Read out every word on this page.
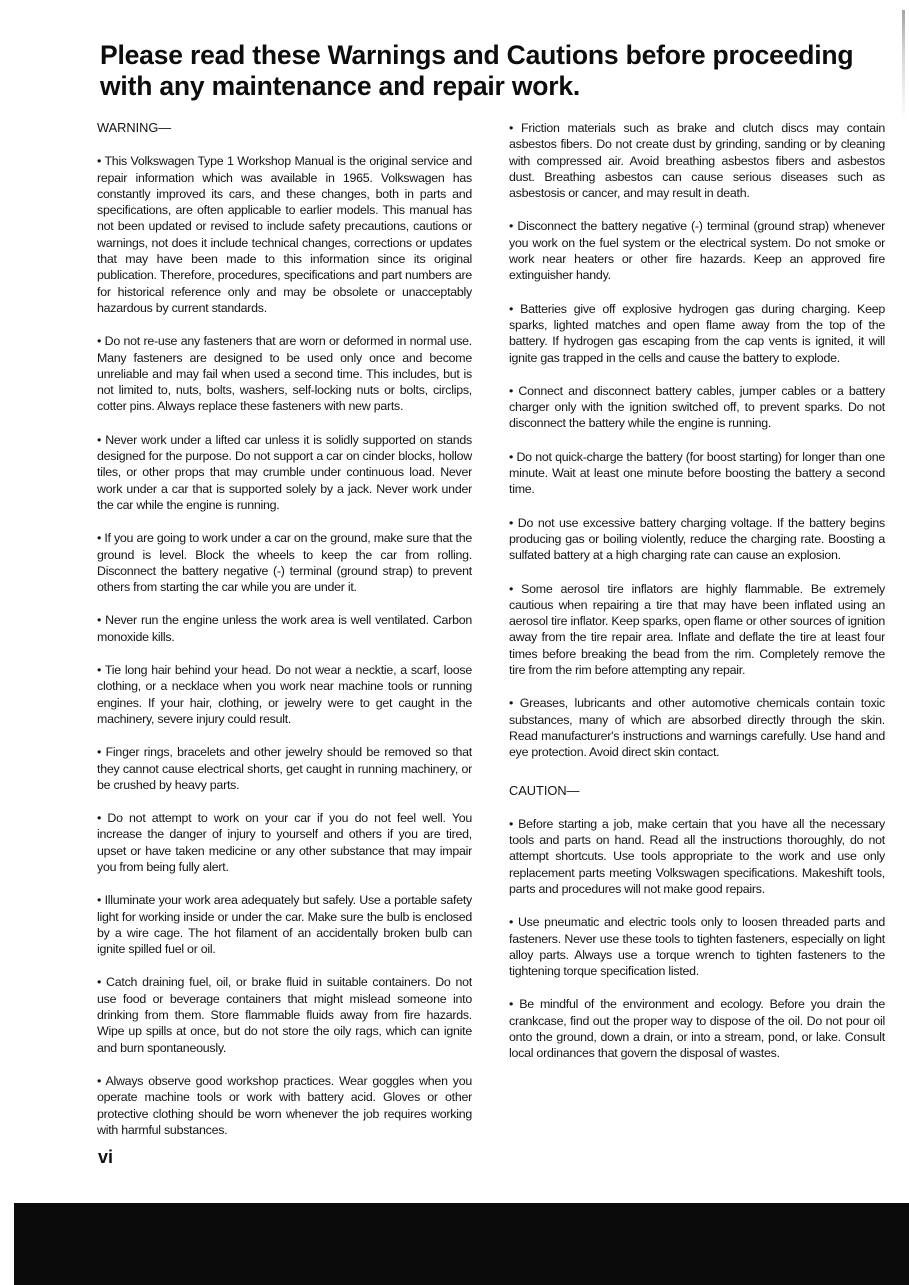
Please read these Warnings and Cautions before proceeding with any maintenance and repair work.
WARNING—

• This Volkswagen Type 1 Workshop Manual is the original service and repair information which was available in 1965. Volkswagen has constantly improved its cars, and these changes, both in parts and specifications, are often applicable to earlier models. This manual has not been updated or revised to include safety precautions, cautions or warnings, not does it include technical changes, corrections or updates that may have been made to this information since its original publication. Therefore, procedures, specifications and part numbers are for historical reference only and may be obsolete or unacceptably hazardous by current standards.

• Do not re-use any fasteners that are worn or deformed in normal use. Many fasteners are designed to be used only once and become unreliable and may fail when used a second time. This includes, but is not limited to, nuts, bolts, washers, self-locking nuts or bolts, circlips, cotter pins. Always replace these fasteners with new parts.

• Never work under a lifted car unless it is solidly supported on stands designed for the purpose. Do not support a car on cinder blocks, hollow tiles, or other props that may crumble under continuous load. Never work under a car that is supported solely by a jack. Never work under the car while the engine is running.

• If you are going to work under a car on the ground, make sure that the ground is level. Block the wheels to keep the car from rolling. Disconnect the battery negative (-) terminal (ground strap) to prevent others from starting the car while you are under it.

• Never run the engine unless the work area is well ventilated. Carbon monoxide kills.

• Tie long hair behind your head. Do not wear a necktie, a scarf, loose clothing, or a necklace when you work near machine tools or running engines. If your hair, clothing, or jewelry were to get caught in the machinery, severe injury could result.

• Finger rings, bracelets and other jewelry should be removed so that they cannot cause electrical shorts, get caught in running machinery, or be crushed by heavy parts.

• Do not attempt to work on your car if you do not feel well. You increase the danger of injury to yourself and others if you are tired, upset or have taken medicine or any other substance that may impair you from being fully alert.

• Illuminate your work area adequately but safely. Use a portable safety light for working inside or under the car. Make sure the bulb is enclosed by a wire cage. The hot filament of an accidentally broken bulb can ignite spilled fuel or oil.

• Catch draining fuel, oil, or brake fluid in suitable containers. Do not use food or beverage containers that might mislead someone into drinking from them. Store flammable fluids away from fire hazards. Wipe up spills at once, but do not store the oily rags, which can ignite and burn spontaneously.

• Always observe good workshop practices. Wear goggles when you operate machine tools or work with battery acid. Gloves or other protective clothing should be worn whenever the job requires working with harmful substances.

• Friction materials such as brake and clutch discs may contain asbestos fibers. Do not create dust by grinding, sanding or by cleaning with compressed air. Avoid breathing asbestos fibers and asbestos dust. Breathing asbestos can cause serious diseases such as asbestosis or cancer, and may result in death.

• Disconnect the battery negative (-) terminal (ground strap) whenever you work on the fuel system or the electrical system. Do not smoke or work near heaters or other fire hazards. Keep an approved fire extinguisher handy.

• Batteries give off explosive hydrogen gas during charging. Keep sparks, lighted matches and open flame away from the top of the battery. If hydrogen gas escaping from the cap vents is ignited, it will ignite gas trapped in the cells and cause the battery to explode.

• Connect and disconnect battery cables, jumper cables or a battery charger only with the ignition switched off, to prevent sparks. Do not disconnect the battery while the engine is running.

• Do not quick-charge the battery (for boost starting) for longer than one minute. Wait at least one minute before boosting the battery a second time.

• Do not use excessive battery charging voltage. If the battery begins producing gas or boiling violently, reduce the charging rate. Boosting a sulfated battery at a high charging rate can cause an explosion.

• Some aerosol tire inflators are highly flammable. Be extremely cautious when repairing a tire that may have been inflated using an aerosol tire inflator. Keep sparks, open flame or other sources of ignition away from the tire repair area. Inflate and deflate the tire at least four times before breaking the bead from the rim. Completely remove the tire from the rim before attempting any repair.

• Greases, lubricants and other automotive chemicals contain toxic substances, many of which are absorbed directly through the skin. Read manufacturer's instructions and warnings carefully. Use hand and eye protection. Avoid direct skin contact.

CAUTION—

• Before starting a job, make certain that you have all the necessary tools and parts on hand. Read all the instructions thoroughly, do not attempt shortcuts. Use tools appropriate to the work and use only replacement parts meeting Volkswagen specifications. Makeshift tools, parts and procedures will not make good repairs.

• Use pneumatic and electric tools only to loosen threaded parts and fasteners. Never use these tools to tighten fasteners, especially on light alloy parts. Always use a torque wrench to tighten fasteners to the tightening torque specification listed.

• Be mindful of the environment and ecology. Before you drain the crankcase, find out the proper way to dispose of the oil. Do not pour oil onto the ground, down a drain, or into a stream, pond, or lake. Consult local ordinances that govern the disposal of wastes.

vi
